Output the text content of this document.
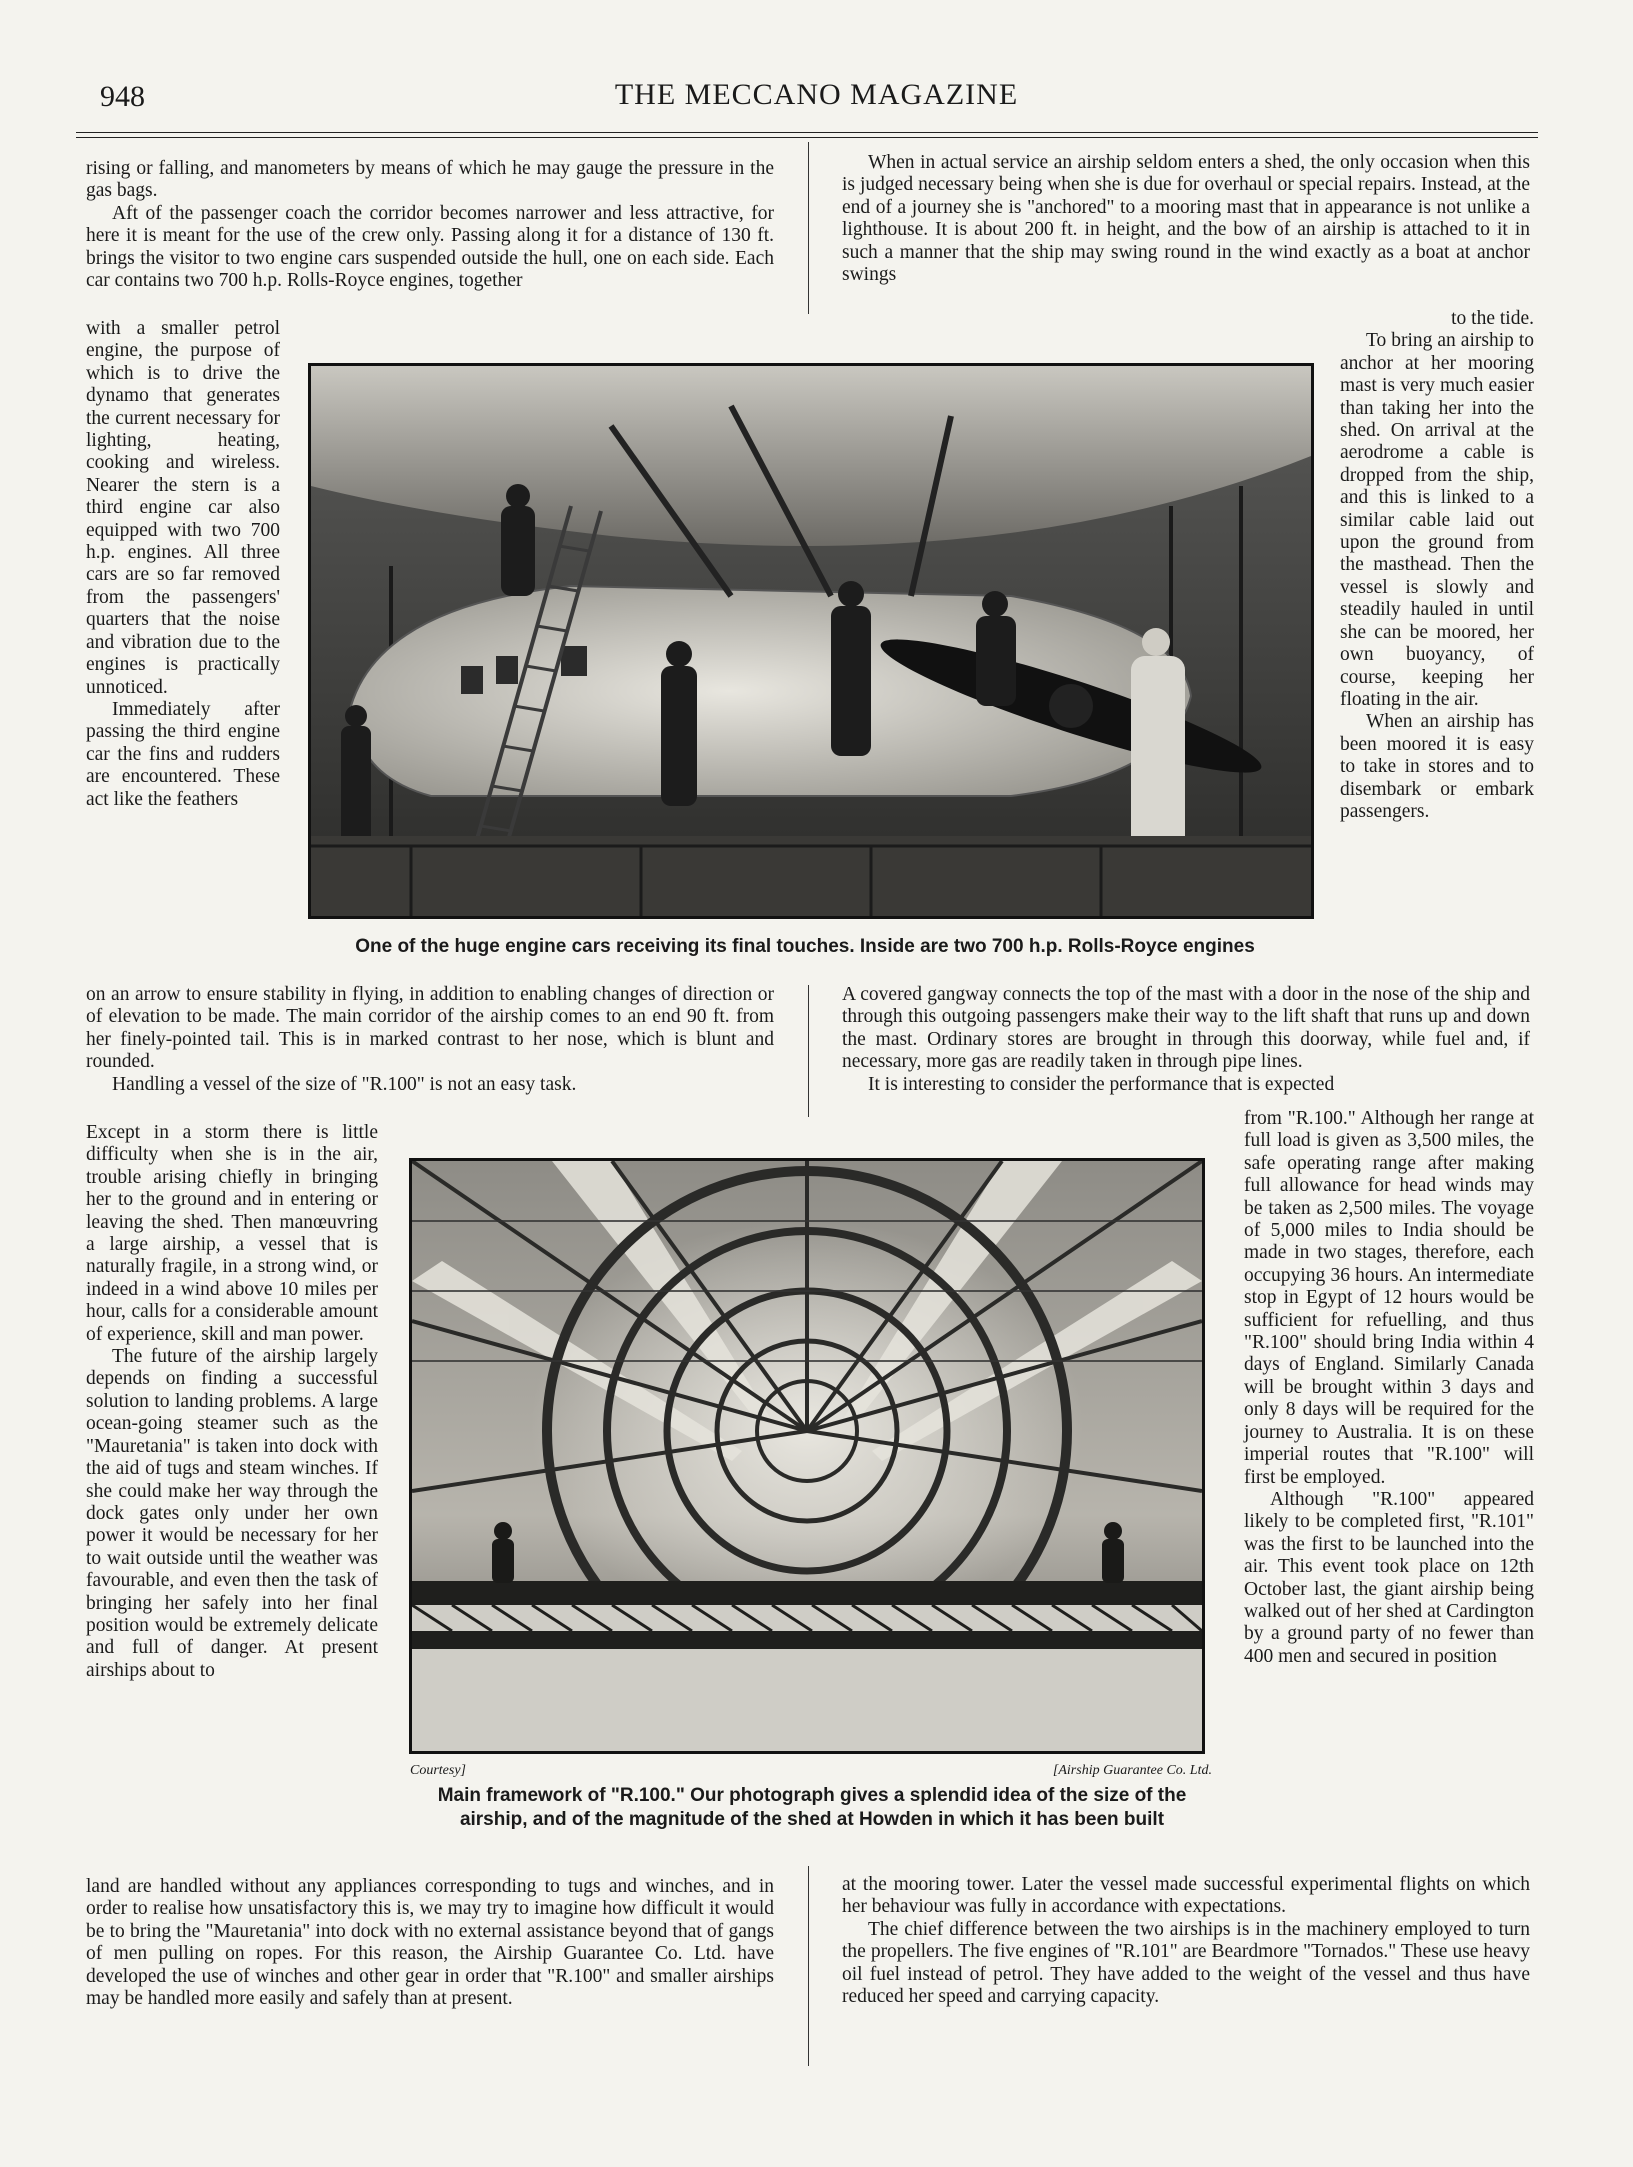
948	THE MECCANO MAGAZINE
rising or falling, and manometers by means of which he may gauge the pressure in the gas bags.
Aft of the passenger coach the corridor becomes narrower and less attractive, for here it is meant for the use of the crew only. Passing along it for a distance of 130 ft. brings the visitor to two engine cars suspended outside the hull, one on each side. Each car contains two 700 h.p. Rolls-Royce engines, together
with a smaller petrol engine, the purpose of which is to drive the dynamo that generates the current necessary for lighting, heating, cooking and wireless. Nearer the stern is a third engine car also equipped with two 700 h.p. engines. All three cars are so far removed from the passengers' quarters that the noise and vibration due to the engines is practically unnoticed.
Immediately after passing the third engine car the fins and rudders are encountered. These act like the feathers
on an arrow to ensure stability in flying, in addition to enabling changes of direction or of elevation to be made. The main corridor of the airship comes to an end 90 ft. from her finely-pointed tail. This is in marked contrast to her nose, which is blunt and rounded.
Handling a vessel of the size of "R.100" is not an easy task.
Except in a storm there is little difficulty when she is in the air, trouble arising chiefly in bringing her to the ground and in entering or leaving the shed. Then manœuvring a large airship, a vessel that is naturally fragile, in a strong wind, or indeed in a wind above 10 miles per hour, calls for a considerable amount of experience, skill and man power.
The future of the airship largely depends on finding a successful solution to landing problems. A large ocean-going steamer such as the "Mauretania" is taken into dock with the aid of tugs and steam winches. If she could make her way through the dock gates only under her own power it would be necessary for her to wait outside until the weather was favourable, and even then the task of bringing her safely into her final position would be extremely delicate and full of danger. At present airships about to
land are handled without any appliances corresponding to tugs and winches, and in order to realise how unsatisfactory this is, we may try to imagine how difficult it would be to bring the "Mauretania" into dock with no external assistance beyond that of gangs of men pulling on ropes. For this reason, the Airship Guarantee Co. Ltd. have developed the use of winches and other gear in order that "R.100" and smaller airships may be handled more easily and safely than at present.
When in actual service an airship seldom enters a shed, the only occasion when this is judged necessary being when she is due for overhaul or special repairs. Instead, at the end of a journey she is "anchored" to a mooring mast that in appearance is not unlike a lighthouse. It is about 200 ft. in height, and the bow of an airship is attached to it in such a manner that the ship may swing round in the wind exactly as a boat at anchor swings
to the tide.
To bring an airship to anchor at her mooring mast is very much easier than taking her into the shed. On arrival at the aerodrome a cable is dropped from the ship, and this is linked to a similar cable laid out upon the ground from the masthead. Then the vessel is slowly and steadily hauled in until she can be moored, her own buoyancy, of course, keeping her floating in the air.
When an airship has been moored it is easy to take in stores and to disembark or embark passengers.
A covered gangway connects the top of the mast with a door in the nose of the ship and through this outgoing passengers make their way to the lift shaft that runs up and down the mast. Ordinary stores are brought in through this doorway, while fuel and, if necessary, more gas are readily taken in through pipe lines.
It is interesting to consider the performance that is expected
from "R.100." Although her range at full load is given as 3,500 miles, the safe operating range after making full allowance for head winds may be taken as 2,500 miles. The voyage of 5,000 miles to India should be made in two stages, therefore, each occupying 36 hours. An intermediate stop in Egypt of 12 hours would be sufficient for refuelling, and thus "R.100" should bring India within 4 days of England. Similarly Canada will be brought within 3 days and only 8 days will be required for the journey to Australia. It is on these imperial routes that "R.100" will first be employed.
Although "R.100" appeared likely to be completed first, "R.101" was the first to be launched into the air. This event took place on 12th October last, the giant airship being walked out of her shed at Cardington by a ground party of no fewer than 400 men and secured in position
at the mooring tower. Later the vessel made successful experimental flights on which her behaviour was fully in accordance with expectations.
The chief difference between the two airships is in the machinery employed to turn the propellers. The five engines of "R.101" are Beardmore "Tornados." These use heavy oil fuel instead of petrol. They have added to the weight of the vessel and thus have reduced her speed and carrying capacity.
One of the huge engine cars receiving its final touches. Inside are two 700 h.p. Rolls-Royce engines
Courtesy]	[Airship Guarantee Co. Ltd.
Main framework of "R.100." Our photograph gives a splendid idea of the size of the airship, and of the magnitude of the shed at Howden in which it has been built
